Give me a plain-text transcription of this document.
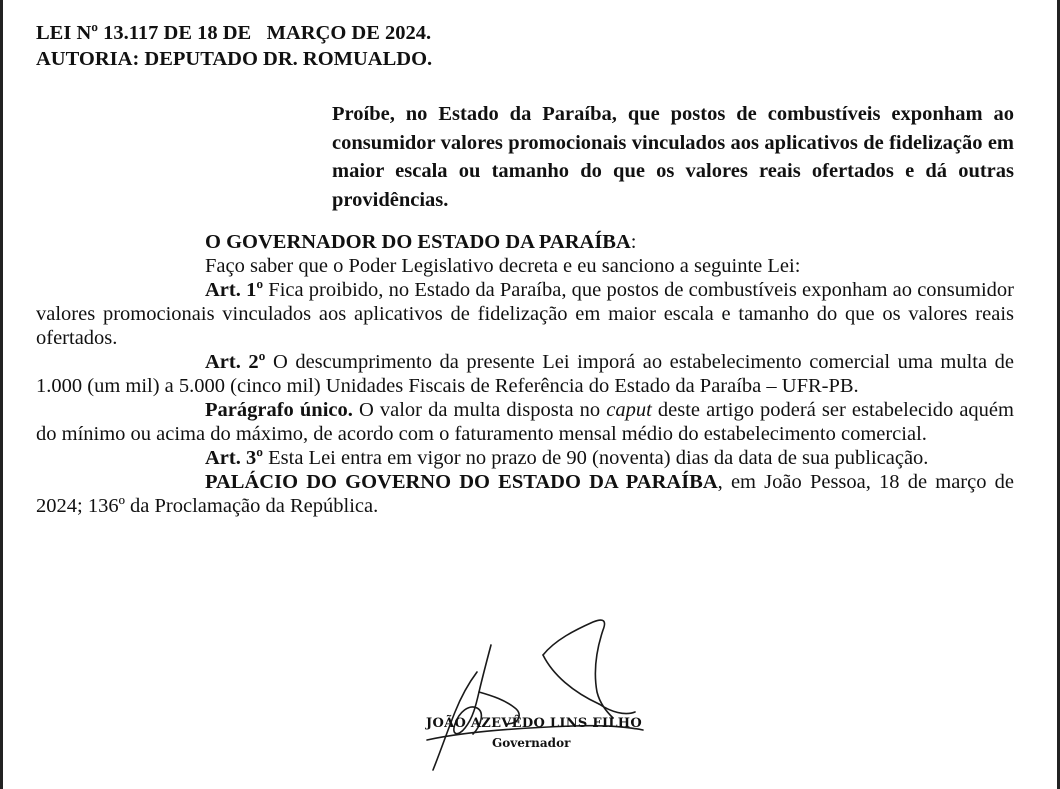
LEI Nº 13.117 DE 18 DE   MARÇO DE 2024.
AUTORIA: DEPUTADO DR. ROMUALDO.
Proíbe, no Estado da Paraíba, que postos de combustíveis exponham ao consumidor valores promocionais vinculados aos aplicativos de fidelização em maior escala ou tamanho do que os valores reais ofertados e dá outras providências.

O GOVERNADOR DO ESTADO DA PARAÍBA:

Faço saber que o Poder Legislativo decreta e eu sanciono a seguinte Lei:

Art. 1º Fica proibido, no Estado da Paraíba, que postos de combustíveis exponham ao consumidor valores promocionais vinculados aos aplicativos de fidelização em maior escala e tamanho do que os valores reais ofertados.

Art. 2º O descumprimento da presente Lei imporá ao estabelecimento comercial uma multa de 1.000 (um mil) a 5.000 (cinco mil) Unidades Fiscais de Referência do Estado da Paraíba – UFR-PB.

Parágrafo único. O valor da multa disposta no caput deste artigo poderá ser estabelecido aquém do mínimo ou acima do máximo, de acordo com o faturamento mensal médio do estabelecimento comercial.

Art. 3º Esta Lei entra em vigor no prazo de 90 (noventa) dias da data de sua publicação.

PALÁCIO DO GOVERNO DO ESTADO DA PARAÍBA, em João Pessoa, 18 de março de 2024; 136º da Proclamação da República.

JOÃO AZEVÊDO LINS FILHO
Governador
